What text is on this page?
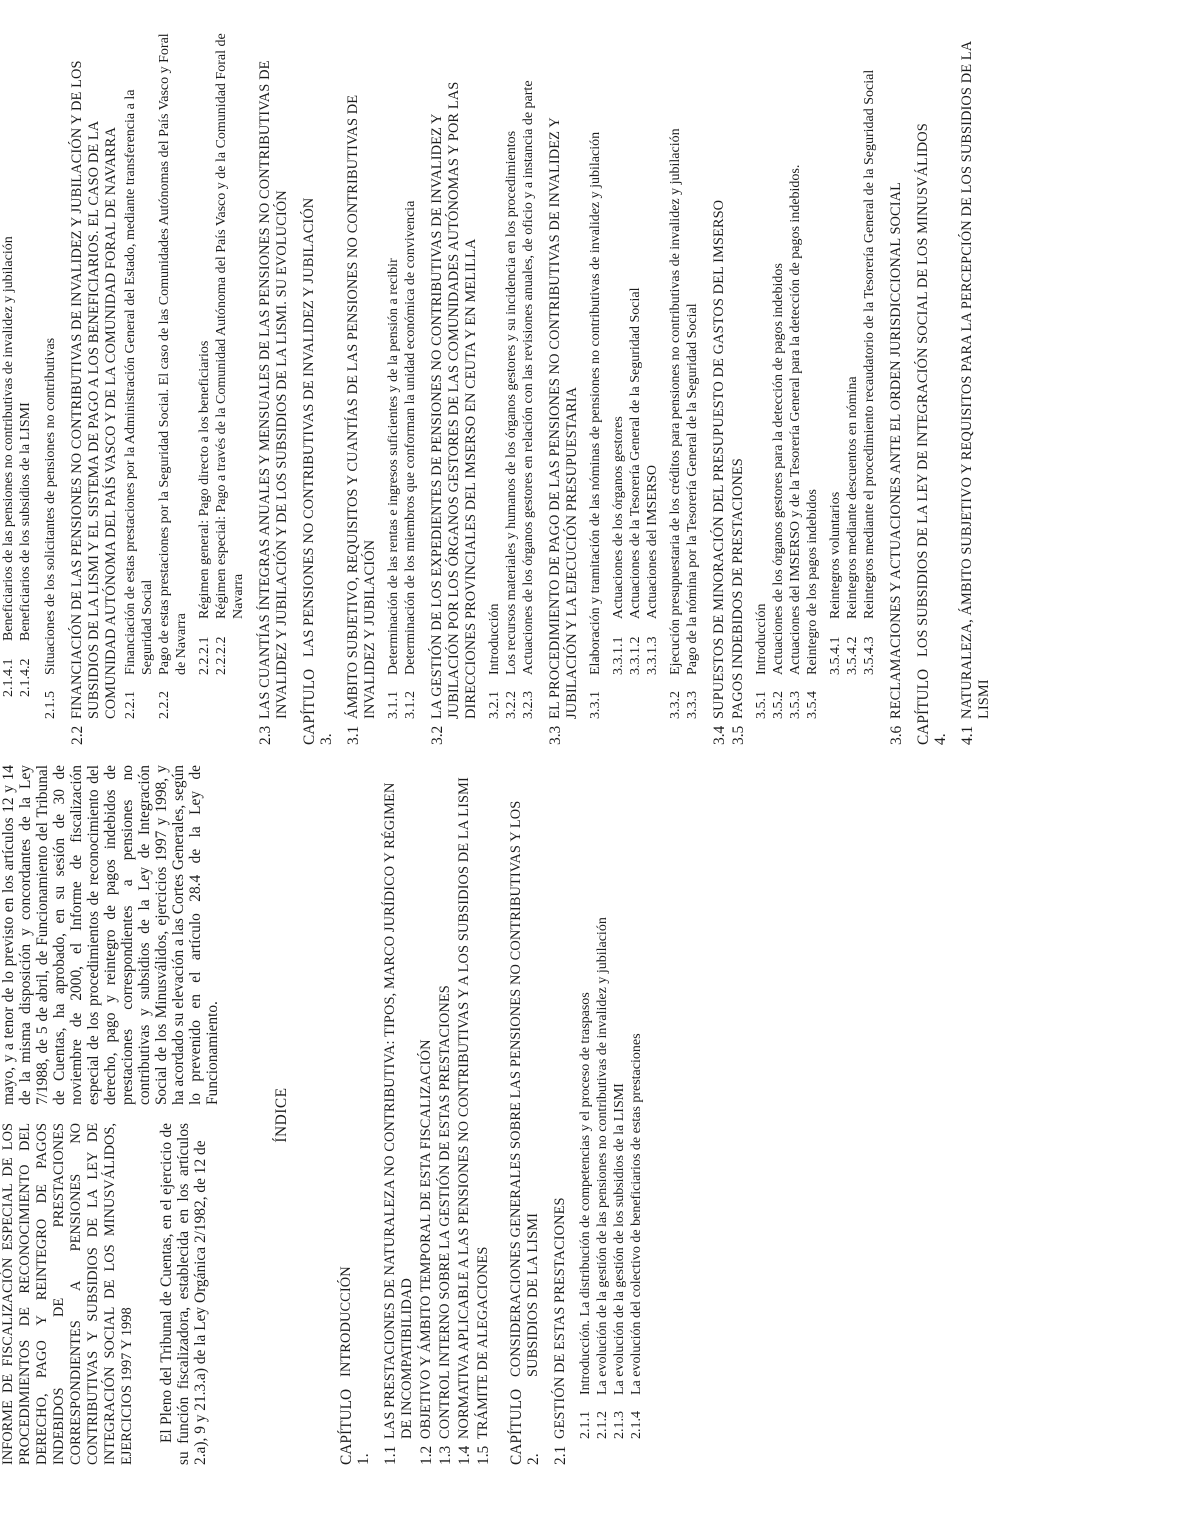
INFORME DE FISCALIZACIÓN ESPECIAL DE LOS PROCEDIMIENTOS DE RECONOCIMIENTO DEL DERECHO, PAGO Y REINTEGRO DE PAGOS INDEBIDOS DE PRESTACIONES CORRESPONDIENTES A PENSIONES NO CONTRIBUTIVAS Y SUBSIDIOS DE LA LEY DE INTEGRACIÓN SOCIAL DE LOS MINUSVÁLIDOS, EJERCICIOS 1997 Y 1998 El Pleno del Tribunal de Cuentas, en el ejercicio de su función fiscalizadora, establecida en los artículos 2.a), 9 y 21.3.a) de la Ley Orgánica 2/1982, de 12 de

mayo, y a tenor de lo previsto en los artículos 12 y 14 de la misma disposición y concordantes de la Ley 7/1988, de 5 de abril, de Funcionamiento del Tribunal de Cuentas, ha aprobado, en su sesión de 30 de noviembre de 2000, el Informe de fiscalización especial de los procedimientos de reconocimiento del derecho, pago y reintegro de pagos indebidos de prestaciones correspondientes a pensiones no contributivas y subsidios de la Ley de Integración Social de los Minusválidos, ejercicios 1997 y 1998, y ha acordado su elevación a las Cortes Generales, según lo prevenido en el artículo 28.4 de la Ley de Funcionamiento.

ÍNDICE
CAPÍTULO 1.
INTRODUCCIÓN
1.1
LAS PRESTACIONES DE NATURALEZA NO CONTRIBUTIVA: TIPOS, MARCO JURÍDICO Y RÉGIMEN DE INCOMPATIBILIDAD
1.2
OBJETIVO Y ÁMBITO TEMPORAL DE ESTA FISCALIZACIÓN
1.3
CONTROL INTERNO SOBRE LA GESTIÓN DE ESTAS PRESTACIONES
1.4
NORMATIVA APLICABLE A LAS PENSIONES NO CONTRIBUTIVAS Y A LOS SUBSIDIOS DE LA LISMI
1.5
TRÁMITE DE ALEGACIONES CAPÍTULO 2.
CONSIDERACIONES GENERALES SOBRE LAS PENSIONES NO CONTRIBUTIVAS Y LOS SUBSIDIOS DE LA LISMI
2.1
GESTIÓN DE ESTAS PRESTACIONES 2.1.1
Introducción. La distribución de competencias y el proceso de traspasos
2.1.2
La evolución de la gestión de las pensiones no contributivas de invalidez y jubilación
2.1.3
La evolución de la gestión de los subsidios de la LISMI
2.1.4
La evolución del colectivo de beneficiarios de estas prestaciones
2.1.4.1
Beneficiarios de las pensiones no contributivas de invalidez y jubilación
2.1.4.2
Beneficiarios de los subsidios de la LISMI
2.1.5
Situaciones de los solicitantes de pensiones no contributivas
2.2
FINANCIACIÓN DE LAS PENSIONES NO CONTRIBUTIVAS DE INVALIDEZ Y JUBILACIÓN Y DE LOS SUBSIDIOS DE LA LISMI Y EL SISTEMA DE PAGO A LOS BENEFICIARIOS. EL CASO DE LA COMUNIDAD AUTÓNOMA DEL PAÍS VASCO Y DE LA COMUNIDAD FORAL DE NAVARRA 2.2.1
Financiación de estas prestaciones por la Administración General del Estado, mediante transferencia a la Seguridad Social
2.2.2
Pago de estas prestaciones por la Seguridad Social. El caso de las Comunidades Autónomas del País Vasco y Foral de Navarra 2.2.2.1
Régimen general: Pago directo a los beneficiarios
2.2.2.2
Régimen especial: Pago a través de la Comunidad Autónoma del País Vasco y de la Comunidad Foral de Navarra
2.3
LAS CUANTÍAS ÍNTEGRAS ANUALES Y MENSUALES DE LAS PENSIONES NO CONTRIBUTIVAS DE INVALIDEZ Y JUBILACIÓN Y DE LOS SUBSIDIOS DE LA LISMI. SU EVOLUCIÓN CAPÍTULO 3.
LAS PENSIONES NO CONTRIBUTIVAS DE INVALIDEZ Y JUBILACIÓN
3.1
ÁMBITO SUBJETIVO, REQUISITOS Y CUANTÍAS DE LAS PENSIONES NO CONTRIBUTIVAS DE INVALIDEZ Y JUBILACIÓN 3.1.1
Determinación de las rentas e ingresos suficientes y de la pensión a recibir
3.1.2
Determinación de los miembros que conforman la unidad económica de convivencia
3.2
LA GESTIÓN DE LOS EXPEDIENTES DE PENSIONES NO CONTRIBUTIVAS DE INVALIDEZ Y JUBILACIÓN POR LOS ÓRGANOS GESTORES DE LAS COMUNIDADES AUTÓNOMAS Y POR LAS DIRECCIONES PROVINCIALES DEL IMSERSO EN CEUTA Y EN MELILLA 3.2.1
Introducción
3.2.2
Los recursos materiales y humanos de los órganos gestores y su incidencia en los procedimientos
3.2.3
Actuaciones de los órganos gestores en relación con las revisiones anuales, de oficio y a instancia de parte
3.3
EL PROCEDIMIENTO DE PAGO DE LAS PENSIONES NO CONTRIBUTIVAS DE INVALIDEZ Y JUBILACIÓN Y LA EJECUCIÓN PRESUPUESTARIA 3.3.1
Elaboración y tramitación de las nóminas de pensiones no contributivas de invalidez y jubilación 3.3.1.1
Actuaciones de los órganos gestores
3.3.1.2
Actuaciones de la Tesorería General de la Seguridad Social
3.3.1.3
Actuaciones del IMSERSO
3.3.2
Ejecución presupuestaria de los créditos para pensiones no contributivas de invalidez y jubilación
3.3.3
Pago de la nómina por la Tesorería General de la Seguridad Social
3.4
SUPUESTOS DE MINORACIÓN DEL PRESUPUESTO DE GASTOS DEL IMSERSO
3.5
PAGOS INDEBIDOS DE PRESTACIONES 3.5.1
Introducción
3.5.2
Actuaciones de los órganos gestores para la detección de pagos indebidos
3.5.3
Actuaciones del IMSERSO y de la Tesorería General para la detección de pagos indebidos.
3.5.4
Reintegro de los pagos indebidos 3.5.4.1
Reintegros voluntarios
3.5.4.2
Reintegros mediante descuentos en nómina
3.5.4.3
Reintegros mediante el procedimiento recaudatorio de la Tesorería General de la Seguridad Social
3.6
RECLAMACIONES Y ACTUACIONES ANTE EL ORDEN JURISDICCIONAL SOCIAL CAPÍTULO 4.
LOS SUBSIDIOS DE LA LEY DE INTEGRACIÓN SOCIAL DE LOS MINUSVÁLIDOS
4.1
NATURALEZA, ÁMBITO SUBJETIVO Y REQUISITOS PARA LA PERCEPCIÓN DE LOS SUBSIDIOS DE LA LISMI
